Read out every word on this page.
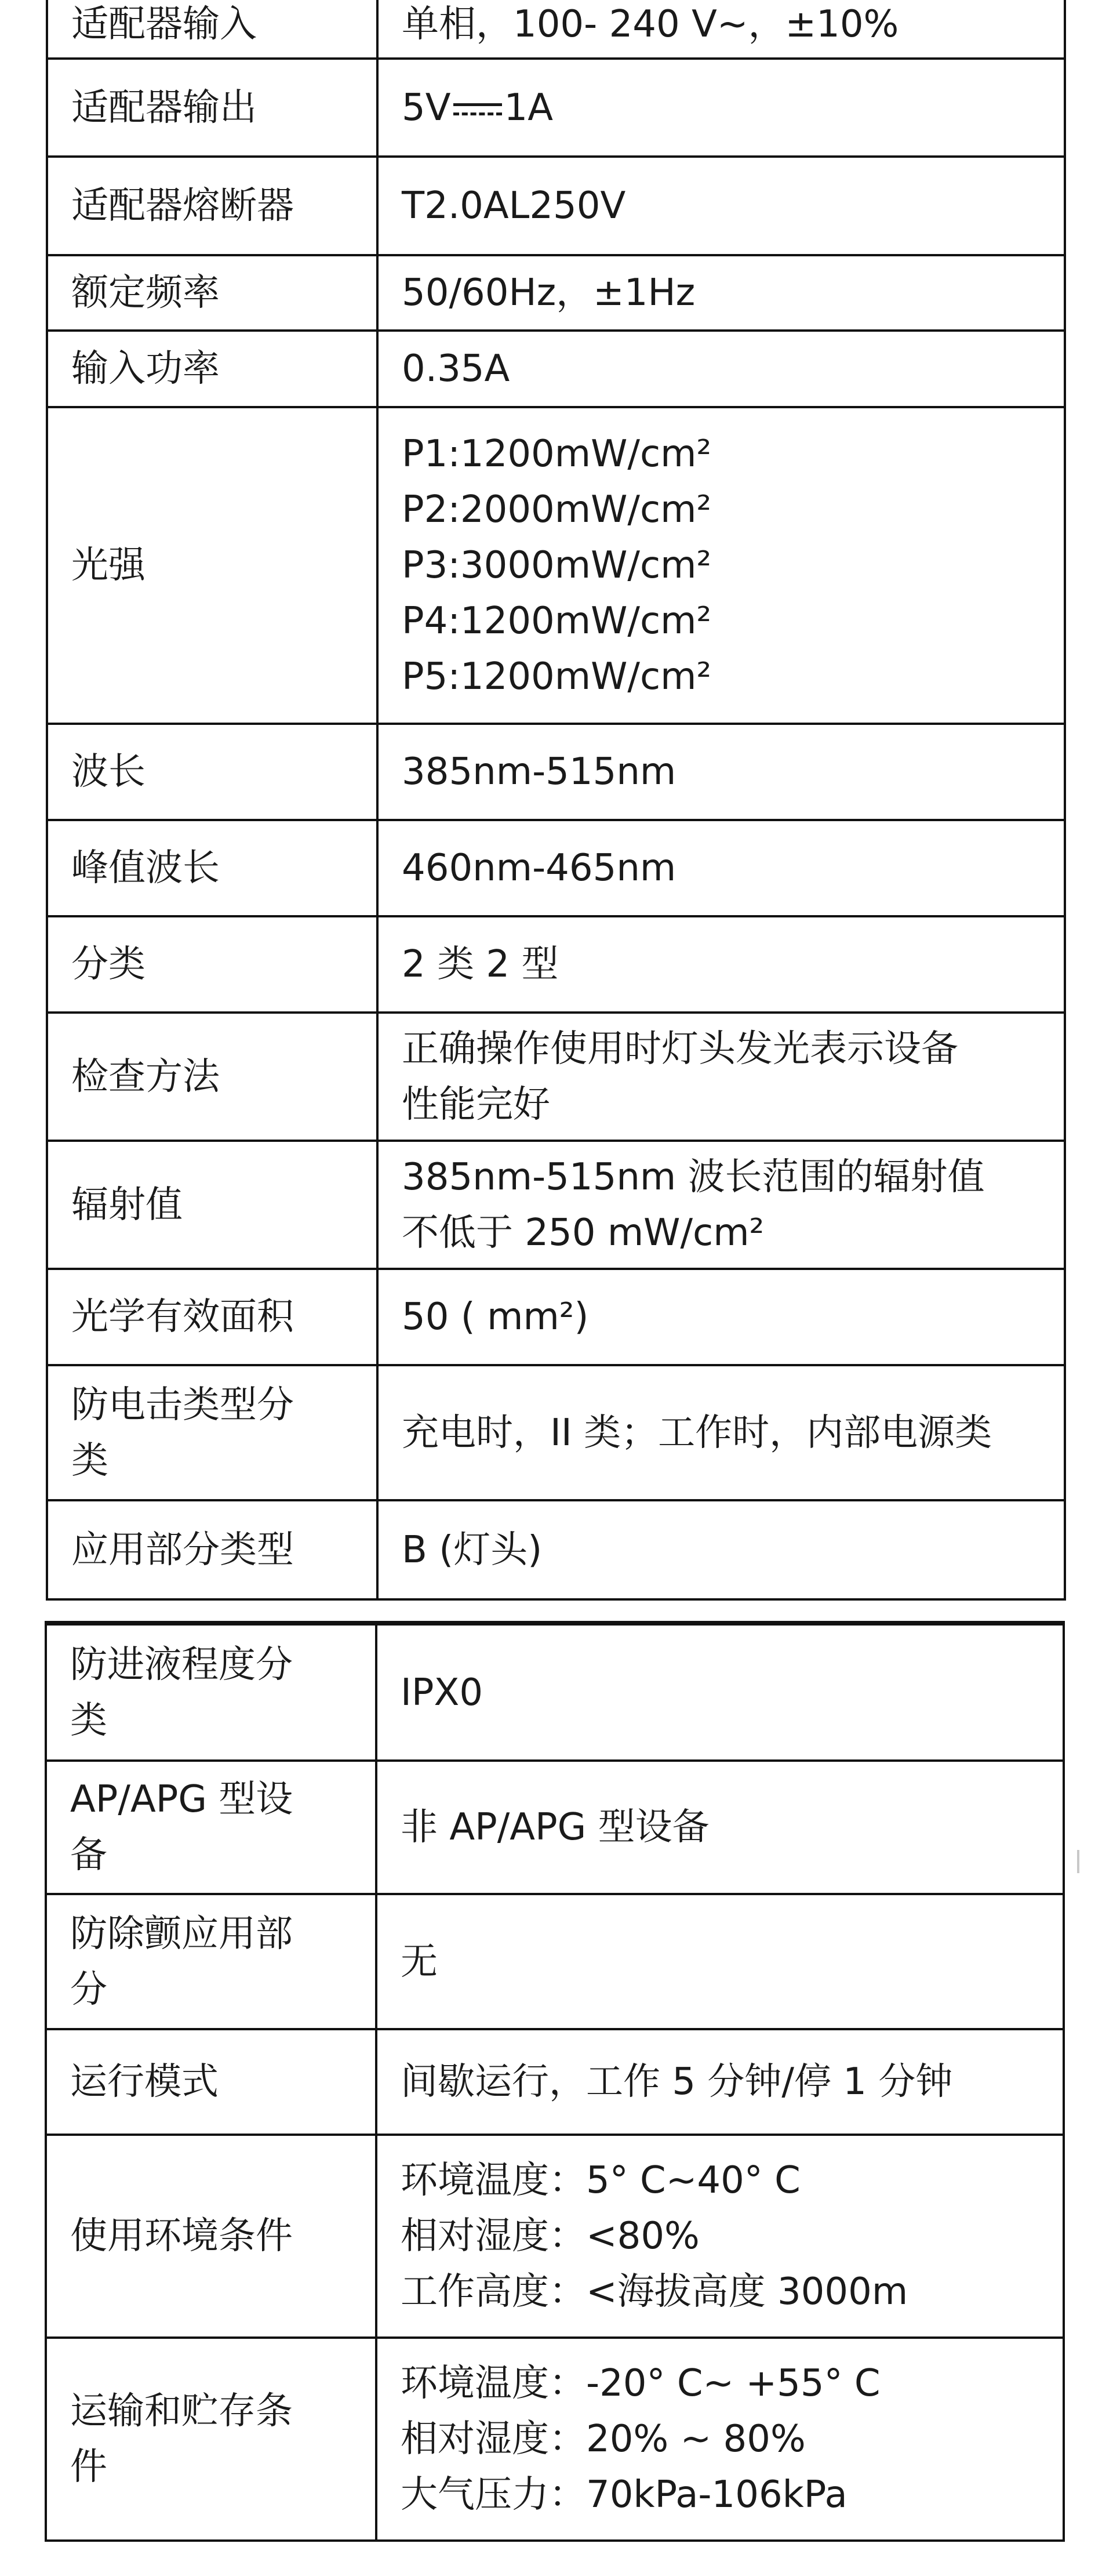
适配器输入	单相，100- 240 V~，±10%

适配器输出	5V 1A

适配器熔断器	T2.0AL250V

额定频率	50/60Hz，±1Hz

输入功率	0.35A

光强	P1:1200mW/cm²
P2:2000mW/cm²
P3:3000mW/cm²
P4:1200mW/cm²
P5:1200mW/cm²

波长	385nm-515nm

峰值波长	460nm-465nm

分类	2 类 2 型

检查方法	正确操作使用时灯头发光表示设备
性能完好

辐射值	385nm-515nm 波长范围的辐射值
不低于 250 mW/cm²

光学有效面积	50 ( mm²)

防电击类型分
类	充电时，II 类；工作时，内部电源类

应用部分类型	B (灯头)
防进液程度分
类	IPX0

AP/APG 型设
备	非 AP/APG 型设备

防除颤应用部
分	无

运行模式	间歇运行，工作 5 分钟/停 1 分钟

使用环境条件	环境温度：5° C~40° C
相对湿度：<80%
工作高度：<海拔高度 3000m

运输和贮存条
件	环境温度：-20° C~ +55° C
相对湿度：20% ~ 80%
大气压力：70kPa-106kPa
